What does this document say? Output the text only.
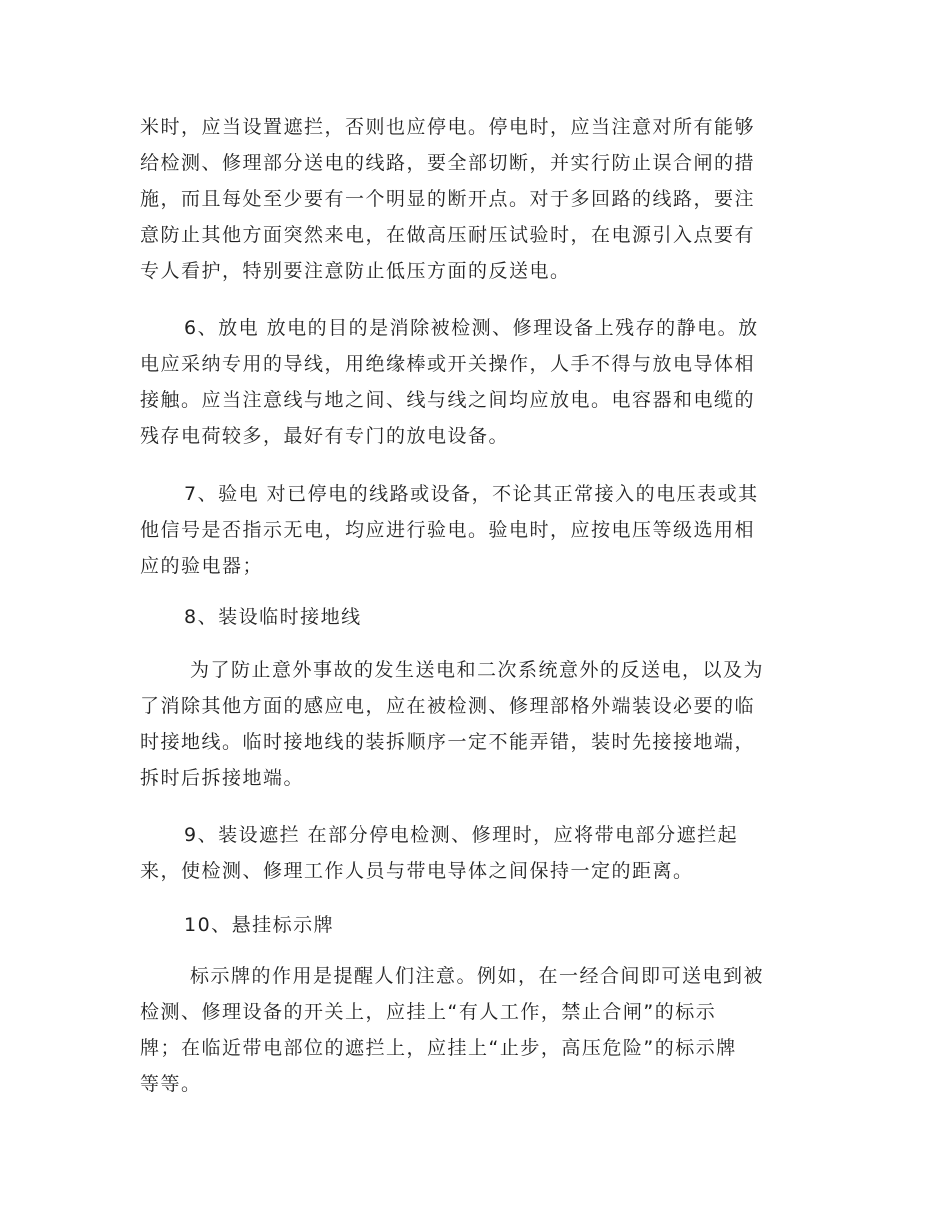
米时，应当设置遮拦，否则也应停电。停电时，应当注意对所有能够
给检测、修理部分送电的线路，要全部切断，并实行防止误合闸的措
施，而且每处至少要有一个明显的断开点。对于多回路的线路，要注
意防止其他方面突然来电，在做高压耐压试验时，在电源引入点要有
专人看护，特别要注意防止低压方面的反送电。
6、放电 放电的目的是消除被检测、修理设备上残存的静电。放
电应采纳专用的导线，用绝缘棒或开关操作，人手不得与放电导体相
接触。应当注意线与地之间、线与线之间均应放电。电容器和电缆的
残存电荷较多，最好有专门的放电设备。
7、验电 对已停电的线路或设备，不论其正常接入的电压表或其
他信号是否指示无电，均应进行验电。验电时，应按电压等级选用相
应的验电器；
8、装设临时接地线
为了防止意外事故的发生送电和二次系统意外的反送电，以及为
了消除其他方面的感应电，应在被检测、修理部格外端装设必要的临
时接地线。临时接地线的装拆顺序一定不能弄错，装时先接接地端，
拆时后拆接地端。
9、装设遮拦 在部分停电检测、修理时，应将带电部分遮拦起
来，使检测、修理工作人员与带电导体之间保持一定的距离。
10、悬挂标示牌
标示牌的作用是提醒人们注意。例如，在一经合间即可送电到被
检测、修理设备的开关上，应挂上“有人工作，禁止合闸”的标示
牌；在临近带电部位的遮拦上，应挂上“止步，高压危险”的标示牌
等等。
